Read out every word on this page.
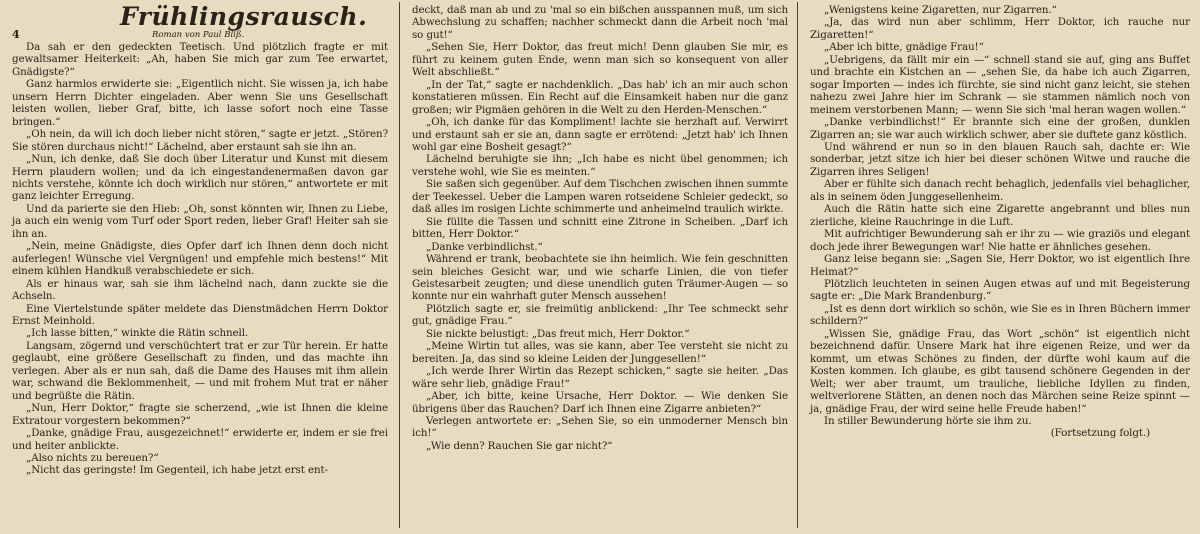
Frühlingsrausch.
Roman von Paul Bliß.
4

Da sah er den gedeckten Teetisch. Und plötzlich fragte er mit gewaltsamer Heiterkeit: „Ah, haben Sie mich gar zum Tee erwartet, Gnädigste?“

Ganz harmlos erwiderte sie: „Eigentlich nicht. Sie wissen ja, ich habe unsern Herrn Dichter eingeladen. Aber wenn Sie uns Gesellschaft leisten wollen, lieber Graf, bitte, ich lasse sofort noch eine Tasse bringen.“

„Oh nein, da will ich doch lieber nicht stören,“ sagte er jetzt. „Stören? Sie stören durchaus nicht!“ Lächelnd, aber erstaunt sah sie ihn an.

„Nun, ich denke, daß Sie doch über Literatur und Kunst mit diesem Herrn plaudern wollen; und da ich eingestandenermaßen davon gar nichts verstehe, könnte ich doch wirklich nur stören,“ antwortete er mit ganz leichter Erregung.

Und da parierte sie den Hieb: „Oh, sonst könnten wir, Ihnen zu Liebe, ja auch ein wenig vom Turf oder Sport reden, lieber Graf! Heiter sah sie ihn an.

„Nein, meine Gnädigste, dies Opfer darf ich Ihnen denn doch nicht auferlegen! Wünsche viel Vergnügen! und empfehle mich bestens!“ Mit einem kühlen Handkuß verabschiedete er sich.

Als er hinaus war, sah sie ihm lächelnd nach, dann zuckte sie die Achseln.

Eine Viertelstunde später meldete das Dienstmädchen Herrn Doktor Ernst Meinhold.

„Ich lasse bitten,“ winkte die Rätin schnell.

Langsam, zögernd und verschüchtert trat er zur Tür herein. Er hatte geglaubt, eine größere Gesellschaft zu finden, und das machte ihn verlegen. Aber als er nun sah, daß die Dame des Hauses mit ihm allein war, schwand die Beklommenheit, — und mit frohem Mut trat er näher und begrüßte die Rätin.

„Nun, Herr Doktor,“ fragte sie scherzend, „wie ist Ihnen die kleine Extratour vorgestern bekommen?“

„Danke, gnädige Frau, ausgezeichnet!“ erwiderte er, indem er sie frei und heiter anblickte.

„Also nichts zu bereuen?“

„Nicht das geringste! Im Gegenteil, ich habe jetzt erst ent-

deckt, daß man ab und zu 'mal so ein bißchen ausspannen muß, um sich Abwechslung zu schaffen; nachher schmeckt dann die Arbeit noch 'mal so gut!“

„Sehen Sie, Herr Doktor, das freut mich! Denn glauben Sie mir, es führt zu keinem guten Ende, wenn man sich so konsequent von aller Welt abschließt.“

„In der Tat,“ sagte er nachdenklich. „Das hab' ich an mir auch schon konstatieren müssen. Ein Recht auf die Einsamkeit haben nur die ganz großen; wir Pigmäen gehören in die Welt zu den Herden-Menschen.“

„Oh, ich danke für das Kompliment! lachte sie herzhaft auf. Verwirrt und erstaunt sah er sie an, dann sagte er errötend: „Jetzt hab' ich Ihnen wohl gar eine Bosheit gesagt?“

Lächelnd beruhigte sie ihn; „Ich habe es nicht übel genommen; ich verstehe wohl, wie Sie es meinten.“

Sie saßen sich gegenüber. Auf dem Tischchen zwischen ihnen summte der Teekessel. Ueber die Lampen waren rotseidene Schleier gedeckt, so daß alles im rosigen Lichte schimmerte und anheimelnd traulich wirkte.

Sie füllte die Tassen und schnitt eine Zitrone in Scheiben. „Darf ich bitten, Herr Doktor.“

„Danke verbindlichst.“

Während er trank, beobachtete sie ihn heimlich. Wie fein geschnitten sein bleiches Gesicht war, und wie scharfe Linien, die von tiefer Geistesarbeit zeugten; und diese unendlich guten Träumer-Augen — so konnte nur ein wahrhaft guter Mensch aussehen!

Plötzlich sagte er, sie freimütig anblickend: „Ihr Tee schmeckt sehr gut, gnädige Frau.“

Sie nickte belustigt: „Das freut mich, Herr Doktor.“

„Meine Wirtin tut alles, was sie kann, aber Tee versteht sie nicht zu bereiten. Ja, das sind so kleine Leiden der Junggesellen!“

„Ich werde Ihrer Wirtin das Rezept schicken,“ sagte sie heiter. „Das wäre sehr lieb, gnädige Frau!“

„Aber, ich bitte, keine Ursache, Herr Doktor. — Wie denken Sie übrigens über das Rauchen? Darf ich Ihnen eine Zigarre anbieten?“

Verlegen antwortete er: „Sehen Sie, so ein unmoderner Mensch bin ich!“

„Wie denn? Rauchen Sie gar nicht?“

„Wenigstens keine Zigaretten, nur Zigarren.“

„Ja, das wird nun aber schlimm, Herr Doktor, ich rauche nur Zigaretten!“

„Aber ich bitte, gnädige Frau!“

„Uebrigens, da fällt mir ein —“ schnell stand sie auf, ging ans Buffet und brachte ein Kistchen an — „sehen Sie, da habe ich auch Zigarren, sogar Importen — indes ich fürchte, sie sind nicht ganz leicht, sie stehen nahezu zwei Jahre hier im Schrank — sie stammen nämlich noch von meinem verstorbenen Mann; — wenn Sie sich 'mal heran wagen wollen.“

„Danke verbindlichst!“ Er brannte sich eine der großen, dunklen Zigarren an; sie war auch wirklich schwer, aber sie duftete ganz köstlich.

Und während er nun so in den blauen Rauch sah, dachte er: Wie sonderbar, jetzt sitze ich hier bei dieser schönen Witwe und rauche die Zigarren ihres Seligen!

Aber er fühlte sich danach recht behaglich, jedenfalls viel behaglicher, als in seinem öden Junggesellenheim.

Auch die Rätin hatte sich eine Zigarette angebrannt und blies nun zierliche, kleine Rauchringe in die Luft.

Mit aufrichtiger Bewunderung sah er ihr zu — wie graziös und elegant doch jede ihrer Bewegungen war! Nie hatte er ähnliches gesehen.

Ganz leise begann sie: „Sagen Sie, Herr Doktor, wo ist eigentlich Ihre Heimat?“

Plötzlich leuchteten in seinen Augen etwas auf und mit Begeisterung sagte er: „Die Mark Brandenburg.“

„Ist es denn dort wirklich so schön, wie Sie es in Ihren Büchern immer schildern?“

„Wissen Sie, gnädige Frau, das Wort „schön“ ist eigentlich nicht bezeichnend dafür. Unsere Mark hat ihre eigenen Reize, und wer da kommt, um etwas Schönes zu finden, der dürfte wohl kaum auf die Kosten kommen. Ich glaube, es gibt tausend schönere Gegenden in der Welt; wer aber traumt, um trauliche, liebliche Idyllen zu finden, weltverlorene Stätten, an denen noch das Märchen seine Reize spinnt — ja, gnädige Frau, der wird seine helle Freude haben!“

In stiller Bewunderung hörte sie ihm zu.

(Fortsetzung folgt.)
